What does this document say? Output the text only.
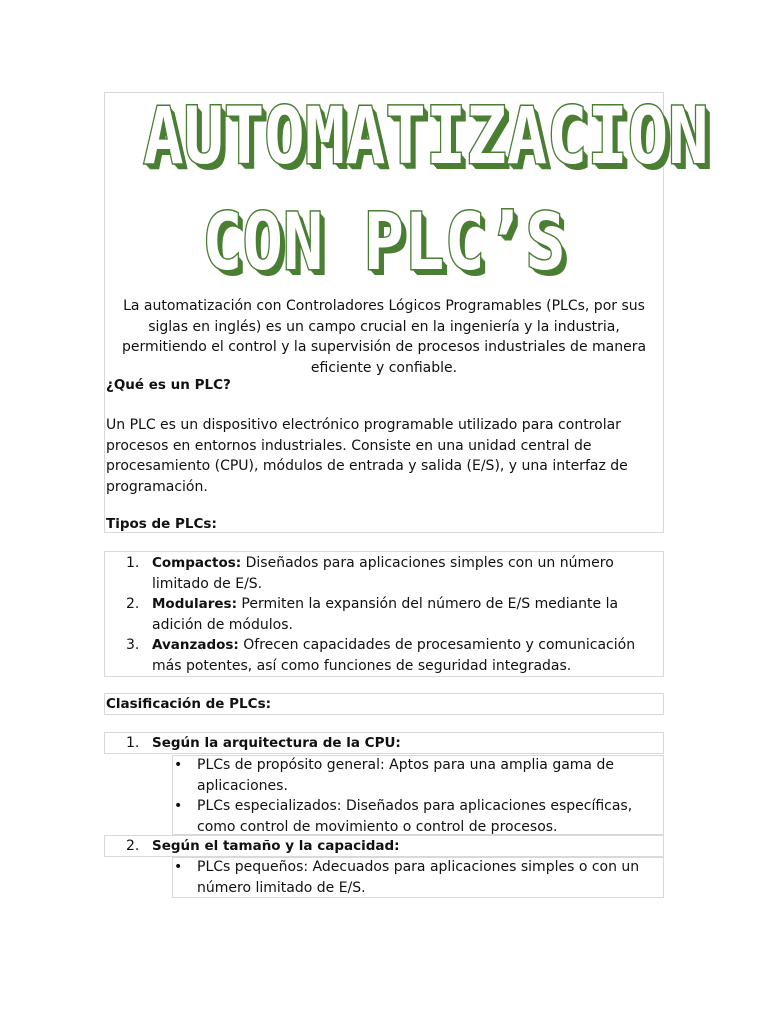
AUTOMATIZACION
CON PLC’S
La automatización con Controladores Lógicos Programables (PLCs, por sus siglas en inglés) es un campo crucial en la ingeniería y la industria, permitiendo el control y la supervisión de procesos industriales de manera eficiente y confiable.
¿Qué es un PLC?
Un PLC es un dispositivo electrónico programable utilizado para controlar procesos en entornos industriales. Consiste en una unidad central de procesamiento (CPU), módulos de entrada y salida (E/S), y una interfaz de programación.
Tipos de PLCs:

1. Compactos: Diseñados para aplicaciones simples con un número limitado de E/S.

2. Modulares: Permiten la expansión del número de E/S mediante la adición de módulos.

3. Avanzados: Ofrecen capacidades de procesamiento y comunicación más potentes, así como funciones de seguridad integradas.

Clasificación de PLCs:

1. Según la arquitectura de la CPU:

• PLCs de propósito general: Aptos para una amplia gama de aplicaciones.

• PLCs especializados: Diseñados para aplicaciones específicas, como control de movimiento o control de procesos.

2. Según el tamaño y la capacidad:

• PLCs pequeños: Adecuados para aplicaciones simples o con un número limitado de E/S.
